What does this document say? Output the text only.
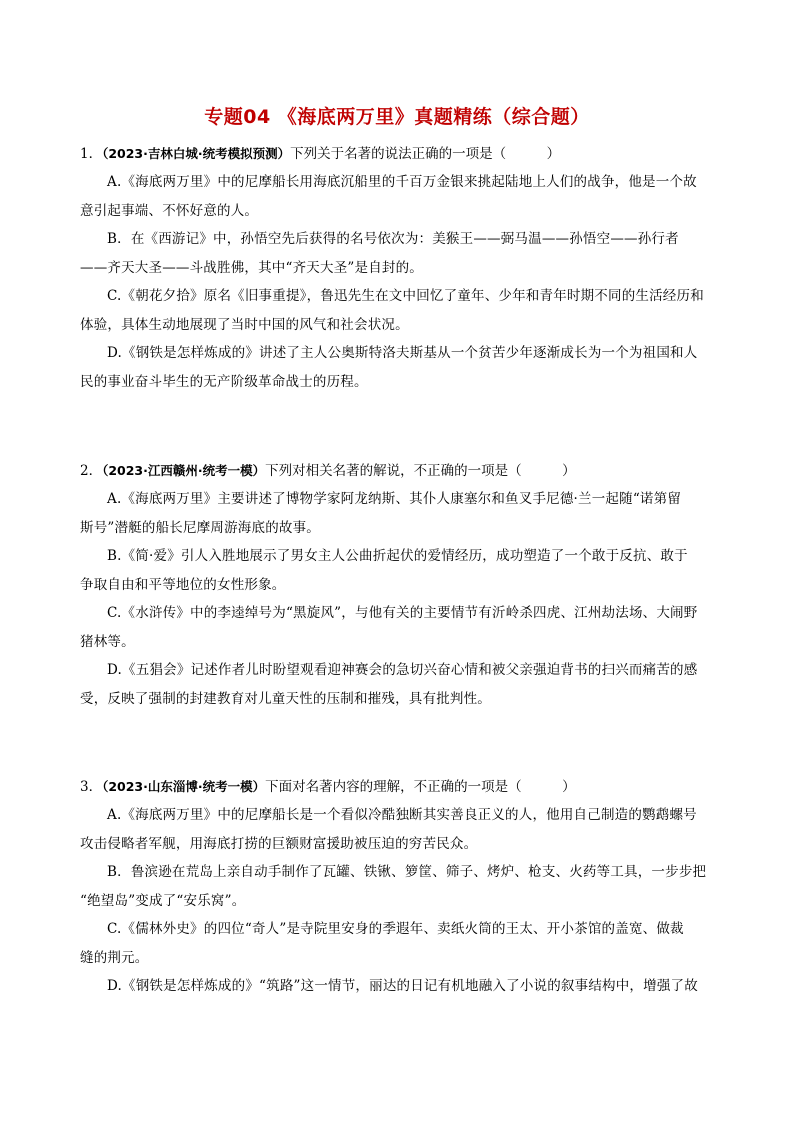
专题04 《海底两万里》真题精练（综合题）
1．（2023·吉林白城·统考模拟预测）下列关于名著的说法正确的一项是（　　　）
A.《海底两万里》中的尼摩船长用海底沉船里的千百万金银来挑起陆地上人们的战争，他是一个故
意引起事端、不怀好意的人。
B．在《西游记》中，孙悟空先后获得的名号依次为：美猴王——弼马温——孙悟空——孙行者
——齐天大圣——斗战胜佛，其中“齐天大圣”是自封的。
C.《朝花夕拾》原名《旧事重提》，鲁迅先生在文中回忆了童年、少年和青年时期不同的生活经历和
体验，具体生动地展现了当时中国的风气和社会状况。
D.《钢铁是怎样炼成的》讲述了主人公奥斯特洛夫斯基从一个贫苦少年逐渐成长为一个为祖国和人
民的事业奋斗毕生的无产阶级革命战士的历程。
2．（2023·江西赣州·统考一模）下列对相关名著的解说，不正确的一项是（　　　）
A.《海底两万里》主要讲述了博物学家阿龙纳斯、其仆人康塞尔和鱼叉手尼德·兰一起随“诺第留
斯号”潜艇的船长尼摩周游海底的故事。
B.《简·爱》引人入胜地展示了男女主人公曲折起伏的爱情经历，成功塑造了一个敢于反抗、敢于
争取自由和平等地位的女性形象。
C.《水浒传》中的李逵绰号为“黑旋风”，与他有关的主要情节有沂岭杀四虎、江州劫法场、大闹野
猪林等。
D.《五猖会》记述作者儿时盼望观看迎神赛会的急切兴奋心情和被父亲强迫背书的扫兴而痛苦的感
受，反映了强制的封建教育对儿童天性的压制和摧残，具有批判性。
3．（2023·山东淄博·统考一模）下面对名著内容的理解，不正确的一项是（　　　）
A.《海底两万里》中的尼摩船长是一个看似冷酷独断其实善良正义的人，他用自己制造的鹦鹉螺号
攻击侵略者军舰，用海底打捞的巨额财富援助被压迫的穷苦民众。
B．鲁滨逊在荒岛上亲自动手制作了瓦罐、铁锹、箩筐、筛子、烤炉、枪支、火药等工具，一步步把
“绝望岛”变成了“安乐窝”。
C.《儒林外史》的四位“奇人”是寺院里安身的季遐年、卖纸火筒的王太、开小茶馆的盖宽、做裁
缝的荆元。
D.《钢铁是怎样炼成的》“筑路”这一情节，丽达的日记有机地融入了小说的叙事结构中，增强了故
